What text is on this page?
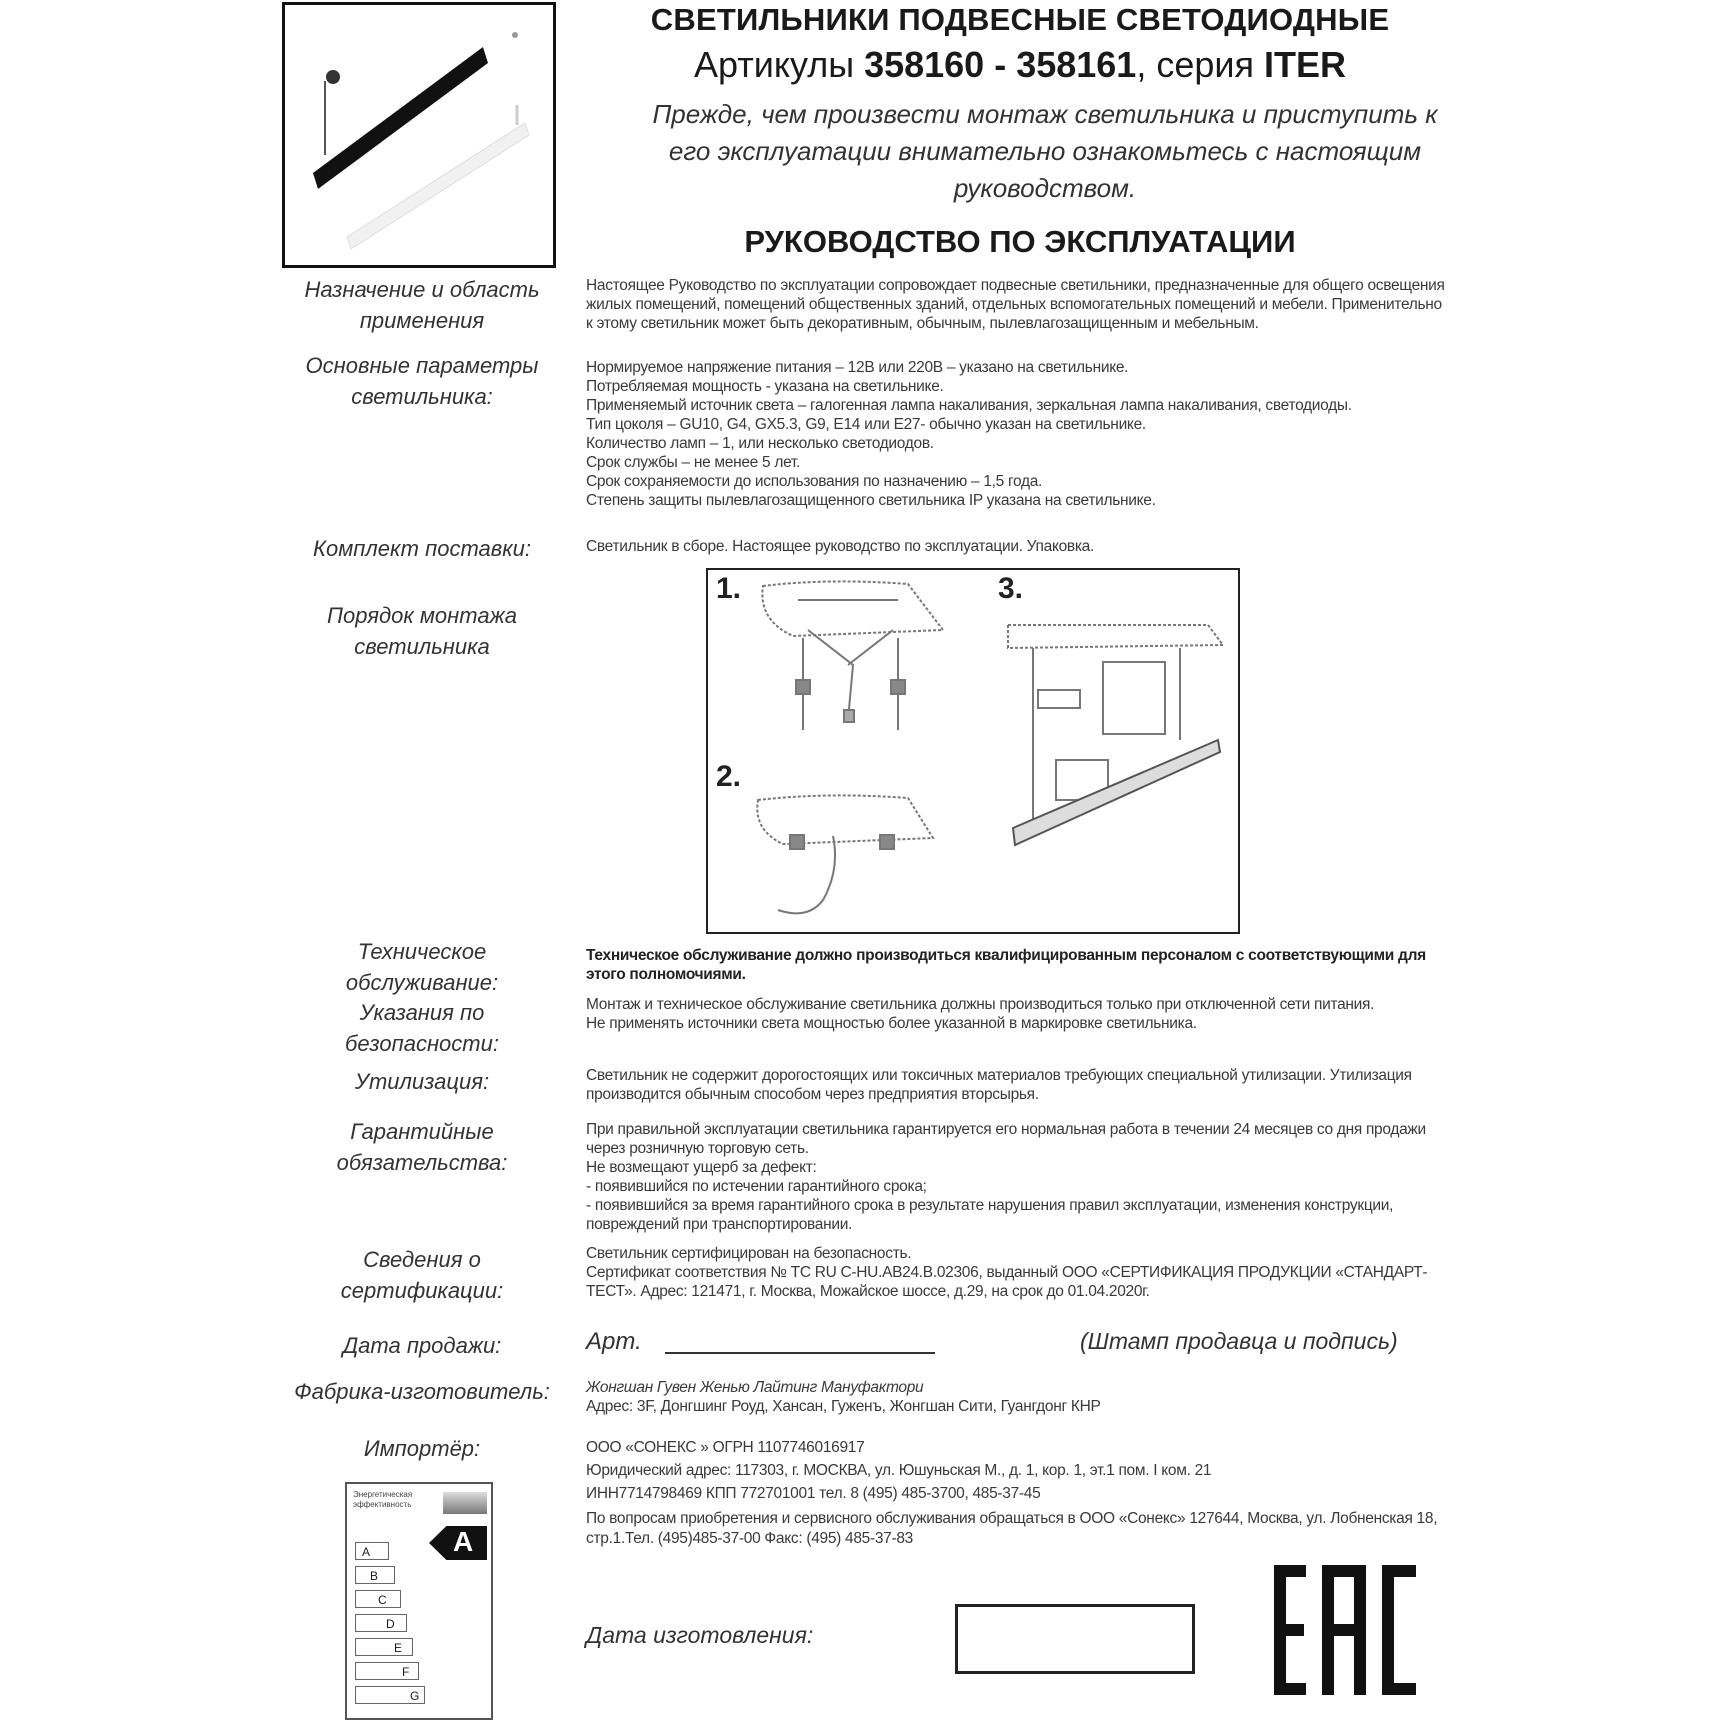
СВЕТИЛЬНИКИ ПОДВЕСНЫЕ СВЕТОДИОДНЫЕ
Артикулы 358160 - 358161, серия ITER
Прежде, чем произвести монтаж светильника и приступить к его эксплуатации внимательно ознакомьтесь с настоящим руководством.
РУКОВОДСТВО ПО ЭКСПЛУАТАЦИИ
Назначение и область применения
Настоящее Руководство по эксплуатации сопровождает подвесные светильники, предназначенные для общего освещения жилых помещений, помещений общественных зданий, отдельных вспомогательных помещений и мебели. Применительно к этому светильник может быть декоративным, обычным, пылевлагозащищенным и мебельным.
Основные параметры светильника:
Нормируемое напряжение питания – 12В или 220В – указано на светильнике.
Потребляемая мощность - указана на светильнике.
Применяемый источник света – галогенная лампа накаливания, зеркальная лампа накаливания, светодиоды.
Тип цоколя – GU10, G4, GX5.3, G9, E14 или E27- обычно указан на светильнике.
Количество ламп – 1, или несколько светодиодов.
Срок службы – не менее 5 лет.
Срок сохраняемости до использования по назначению – 1,5 года.
Степень защиты пылевлагозащищенного светильника IP указана на светильнике.
Комплект поставки:	Светильник в сборе. Настоящее руководство по эксплуатации. Упаковка.
Порядок монтажа светильника
1.
2.
3.
Техническое обслуживание:
Техническое обслуживание должно производиться квалифицированным персоналом с соответствующими для этого полномочиями.
Указания по безопасности:
Монтаж и техническое обслуживание светильника должны производиться только при отключенной сети питания.
Не применять источники света мощностью более указанной в маркировке светильника.
Утилизация:	Светильник не содержит дорогостоящих или токсичных материалов требующих специальной утилизации. Утилизация производится обычным способом через предприятия вторсырья.
Гарантийные обязательства:
При правильной эксплуатации светильника гарантируется его нормальная работа в течении 24 месяцев со дня продажи через розничную торговую сеть.
Не возмещают ущерб за дефект:
- появившийся по истечении гарантийного срока;
- появившийся за время гарантийного срока в результате нарушения правил эксплуатации, изменения конструкции, повреждений при транспортировании.
Сведения о сертификации:
Светильник сертифицирован на безопасность.
Сертификат соответствия № ТС RU С-HU.АВ24.В.02306, выданный ООО «СЕРТИФИКАЦИЯ ПРОДУКЦИИ «СТАНДАРТ-ТЕСТ». Адрес: 121471, г. Москва, Можайское шоссе, д.29, на срок до 01.04.2020г.
Дата продажи:	Арт.	(Штамп продавца и подпись)
Фабрика-изготовитель:	Жонгшан Гувен Женью Лайтинг Мануфактори
Адрес: 3F, Донгшинг Роуд, Хансан, Гуженъ, Жонгшан Сити, Гуангдонг КНР
Импортёр:	ООО «СОНЕКС » ОГРН 1107746016917
Юридический адрес: 117303, г. МОСКВА, ул. Юшуньская М., д. 1, кор. 1, эт.1 пом. I ком. 21
ИНН7714798469 КПП 772701001 тел. 8 (495) 485-3700, 485-37-45
По вопросам приобретения и сервисного обслуживания обращаться в ООО «Сонекс» 127644, Москва, ул. Лобненская 18, стр.1.Тел. (495)485-37-00 Факс: (495) 485-37-83
Энергетическая эффективность
A
A
B
C
D
E
F
G
Дата изготовления:
